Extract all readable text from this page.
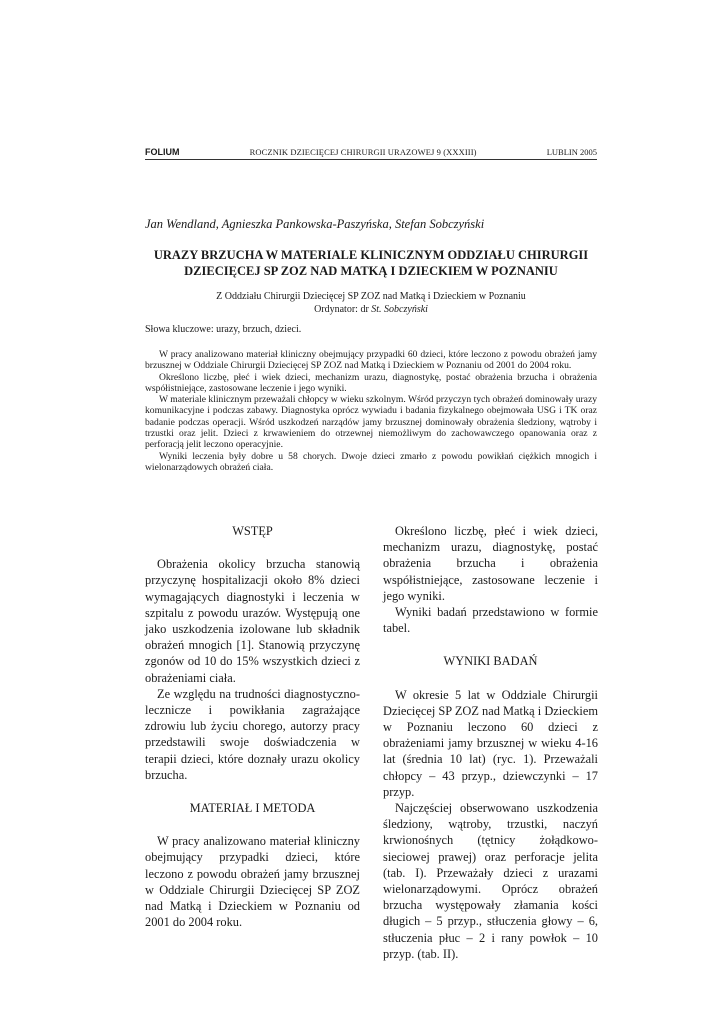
FOLIUM	ROCZNIK DZIECIĘCEJ CHIRURGII URAZOWEJ 9 (XXXIII)	LUBLIN 2005
Jan Wendland, Agnieszka Pankowska-Paszyńska, Stefan Sobczyński
URAZY BRZUCHA W MATERIALE KLINICZNYM ODDZIAŁU CHIRURGII
DZIECIĘCEJ SP ZOZ NAD MATKĄ I DZIECKIEM W POZNANIU
Z Oddziału Chirurgii Dziecięcej SP ZOZ nad Matką i Dzieckiem w Poznaniu
Ordynator: dr St. Sobczyński
Słowa kluczowe: urazy, brzuch, dzieci.

W pracy analizowano materiał kliniczny obejmujący przypadki 60 dzieci, które leczono z powodu obrażeń jamy brzusznej w Oddziale Chirurgii Dziecięcej SP ZOZ nad Matką i Dzieckiem w Poznaniu od 2001 do 2004 roku.

Określono liczbę, płeć i wiek dzieci, mechanizm urazu, diagnostykę, postać obrażenia brzucha i obrażenia współistniejące, zastosowane leczenie i jego wyniki.

W materiale klinicznym przeważali chłopcy w wieku szkolnym. Wśród przyczyn tych obrażeń dominowały urazy komunikacyjne i podczas zabawy. Diagnostyka oprócz wywiadu i badania fizykalnego obejmowała USG i TK oraz badanie podczas operacji. Wśród uszkodzeń narządów jamy brzusznej dominowały obrażenia śledziony, wątroby i trzustki oraz jelit. Dzieci z krwawieniem do otrzewnej niemożliwym do zachowawczego opanowania oraz z perforacją jelit leczono operacyjnie.

Wyniki leczenia były dobre u 58 chorych. Dwoje dzieci zmarło z powodu powikłań ciężkich mnogich i wielonarządowych obrażeń ciała.

WSTĘP

Obrażenia okolicy brzucha stanowią przyczynę hospitalizacji około 8% dzieci wymagających diagnostyki i leczenia w szpitalu z powodu urazów. Występują one jako uszkodzenia izolowane lub składnik obrażeń mnogich [1]. Stanowią przyczynę zgonów od 10 do 15% wszystkich dzieci z obrażeniami ciała.

Ze względu na trudności diagnostyczno-lecznicze i powikłania zagrażające zdrowiu lub życiu chorego, autorzy pracy przedstawili swoje doświadczenia w terapii dzieci, które doznały urazu okolicy brzucha.

MATERIAŁ I METODA

W pracy analizowano materiał kliniczny obejmujący przypadki dzieci, które leczono z powodu obrażeń jamy brzusznej w Oddziale Chirurgii Dziecięcej SP ZOZ nad Matką i Dzieckiem w Poznaniu od 2001 do 2004 roku.

Określono liczbę, płeć i wiek dzieci, mechanizm urazu, diagnostykę, postać obrażenia brzucha i obrażenia współistniejące, zastosowane leczenie i jego wyniki.

Wyniki badań przedstawiono w formie tabel.

WYNIKI BADAŃ

W okresie 5 lat w Oddziale Chirurgii Dziecięcej SP ZOZ nad Matką i Dzieckiem w Poznaniu leczono 60 dzieci z obrażeniami jamy brzusznej w wieku 4-16 lat (średnia 10 lat) (ryc. 1). Przeważali chłopcy – 43 przyp., dziewczynki – 17 przyp.

Najczęściej obserwowano uszkodzenia śledziony, wątroby, trzustki, naczyń krwionośnych (tętnicy żołądkowo-sieciowej prawej) oraz perforacje jelita (tab. I). Przeważały dzieci z urazami wielonarządowymi. Oprócz obrażeń brzucha występowały złamania kości długich – 5 przyp., stłuczenia głowy – 6, stłuczenia płuc – 2 i rany powłok – 10 przyp. (tab. II).
